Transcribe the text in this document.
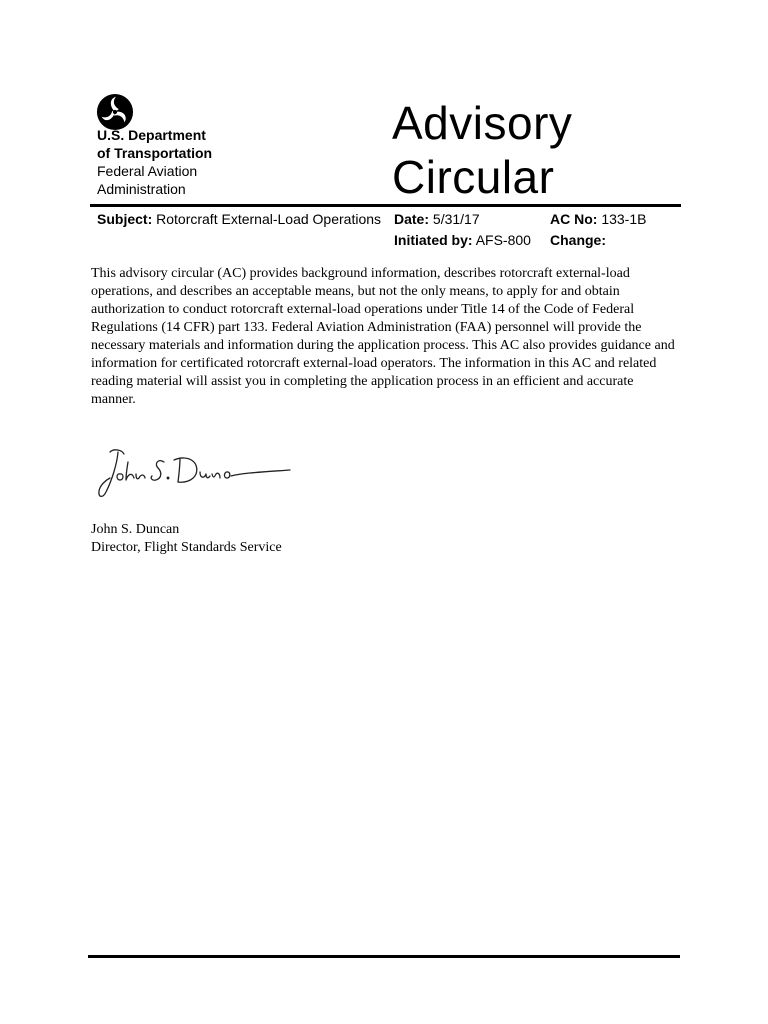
U.S. Department
of Transportation
Federal Aviation
Administration
Advisory
Circular
Subject: Rotorcraft External-Load Operations Date: 5/31/17	AC No: 133-1B
Initiated by: AFS-800 Change:
This advisory circular (AC) provides background information, describes rotorcraft external-load operations, and describes an acceptable means, but not the only means, to apply for and obtain authorization to conduct rotorcraft external-load operations under Title 14 of the Code of Federal Regulations (14 CFR) part 133. Federal Aviation Administration (FAA) personnel will provide the necessary materials and information during the application process. This AC also provides guidance and information for certificated rotorcraft external-load operators. The information in this AC and related reading material will assist you in completing the application process in an efficient and accurate manner.
John S. Duncan
Director, Flight Standards Service
